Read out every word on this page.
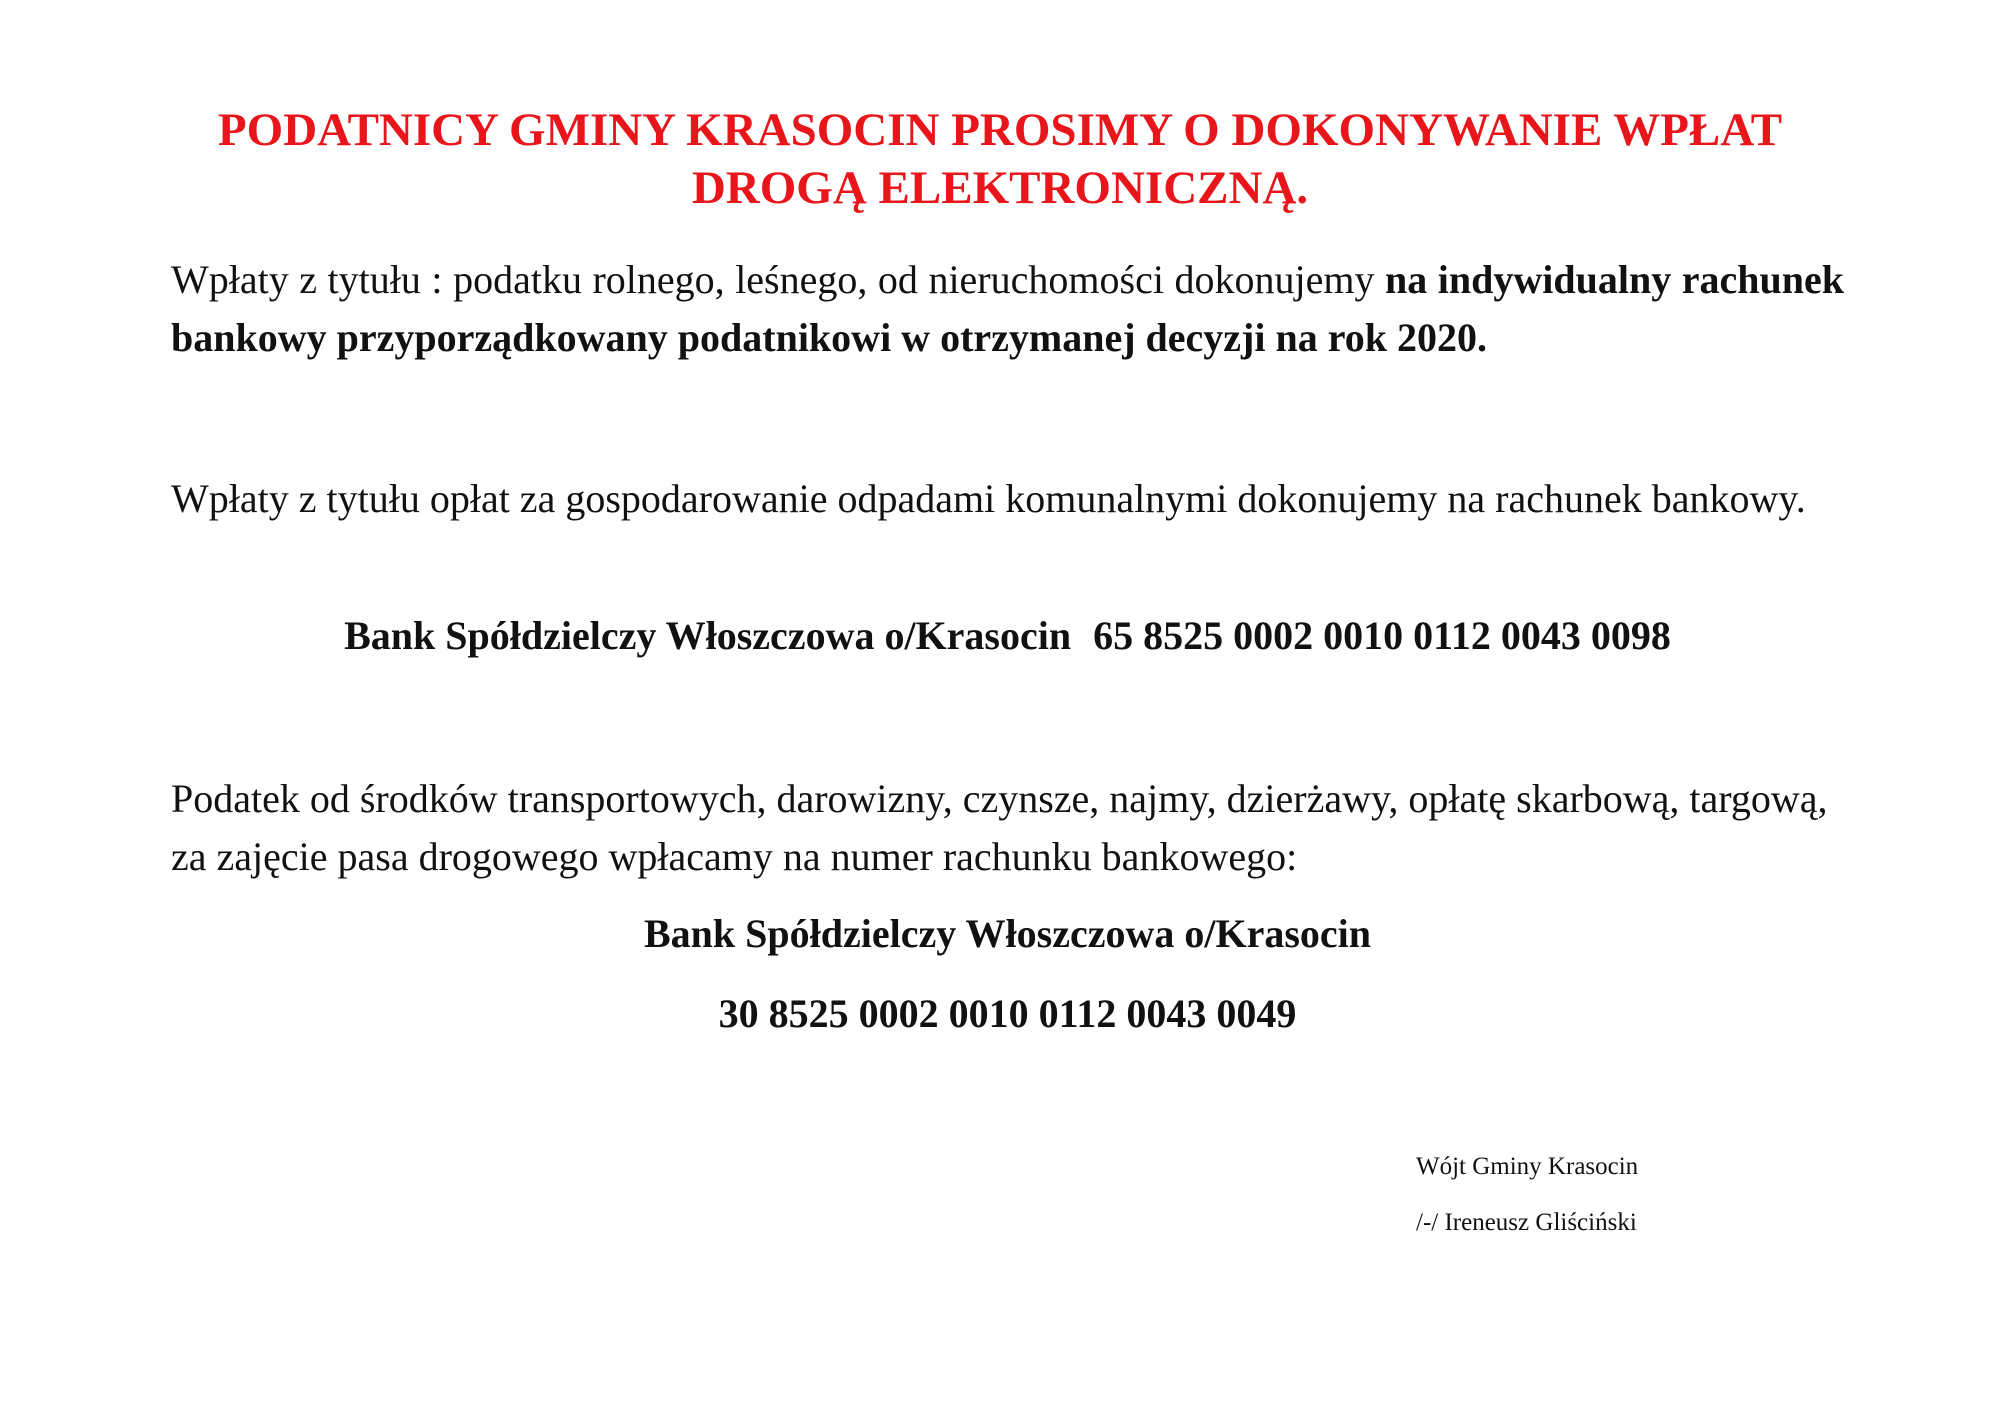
PODATNICY GMINY KRASOCIN PROSIMY O DOKONYWANIE WPŁAT
DROGĄ ELEKTRONICZNĄ.

Wpłaty z tytułu : podatku rolnego, leśnego, od nieruchomości dokonujemy na indywidualny rachunek bankowy przyporządkowany podatnikowi w otrzymanej decyzji na rok 2020.

Wpłaty z tytułu opłat za gospodarowanie odpadami komunalnymi dokonujemy na rachunek bankowy.

Bank Spółdzielczy Włoszczowa o/Krasocin 65 8525 0002 0010 0112 0043 0098

Podatek od środków transportowych, darowizny, czynsze, najmy, dzierżawy, opłatę skarbową, targową, za zajęcie pasa drogowego wpłacamy na numer rachunku bankowego:

Bank Spółdzielczy Włoszczowa o/Krasocin

30 8525 0002 0010 0112 0043 0049

Wójt Gminy Krasocin

/-/ Ireneusz Gliściński
